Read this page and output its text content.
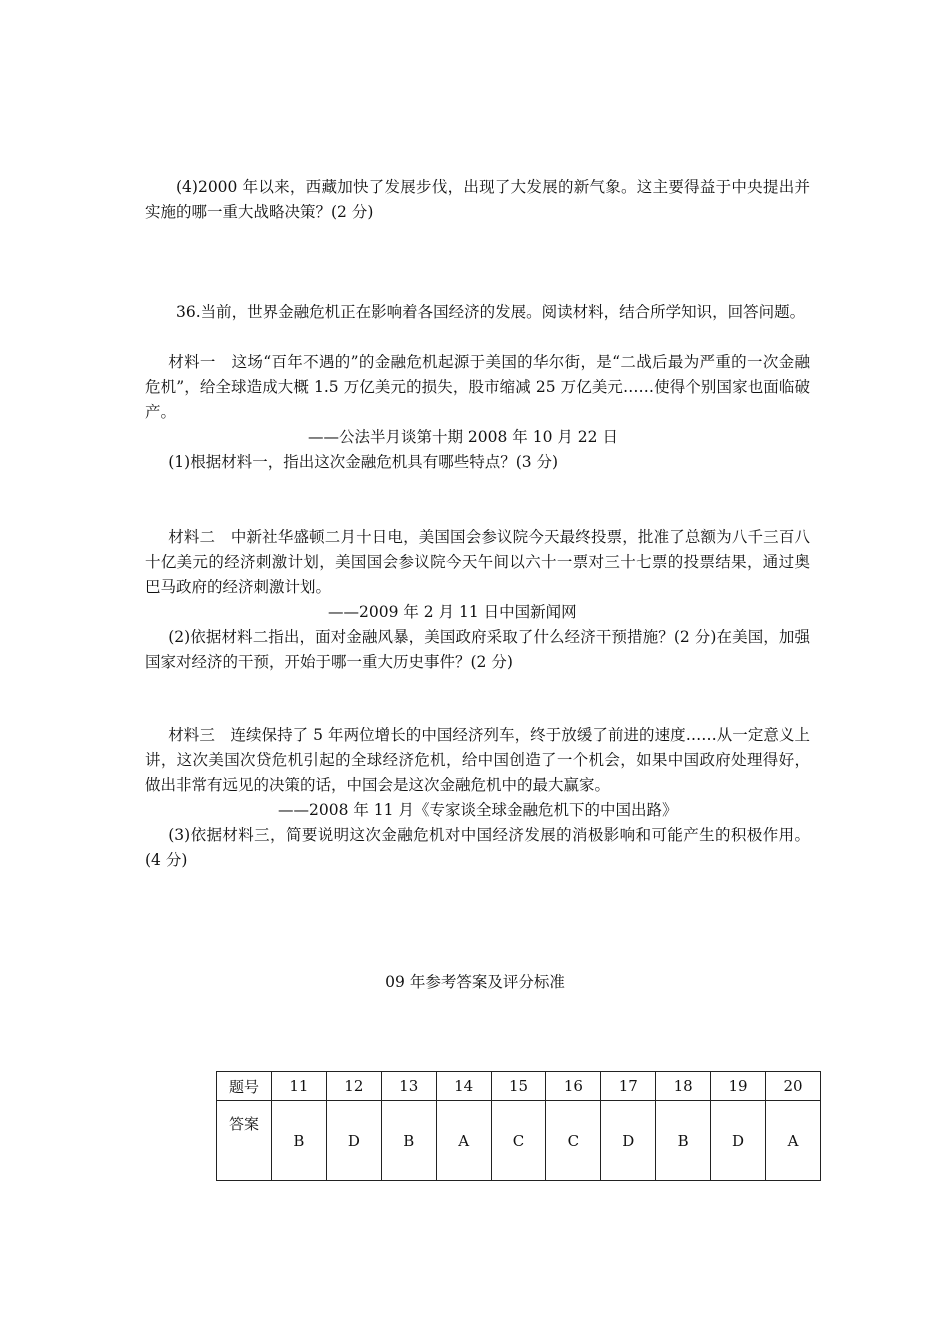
(4)2000 年以来，西藏加快了发展步伐，出现了大发展的新气象。这主要得益于中央提出并实施的哪一重大战略决策？(2 分)

36.当前，世界金融危机正在影响着各国经济的发展。阅读材料，结合所学知识，回答问题。

材料一　这场“百年不遇的”的金融危机起源于美国的华尔街，是“二战后最为严重的一次金融危机”，给全球造成大概 1.5 万亿美元的损失，股市缩减 25 万亿美元……使得个别国家也面临破产。

——公法半月谈第十期 2008 年 10 月 22 日

(1)根据材料一，指出这次金融危机具有哪些特点？(3 分)

材料二　中新社华盛顿二月十日电，美国国会参议院今天最终投票，批准了总额为八千三百八十亿美元的经济刺激计划，美国国会参议院今天午间以六十一票对三十七票的投票结果，通过奥巴马政府的经济刺激计划。

——2009 年 2 月 11 日中国新闻网

(2)依据材料二指出，面对金融风暴，美国政府采取了什么经济干预措施？(2 分)在美国，加强国家对经济的干预，开始于哪一重大历史事件？(2 分)

材料三　连续保持了 5 年两位增长的中国经济列车，终于放缓了前进的速度……从一定意义上讲，这次美国次贷危机引起的全球经济危机，给中国创造了一个机会，如果中国政府处理得好，做出非常有远见的决策的话，中国会是这次金融危机中的最大赢家。

——2008 年 11 月《专家谈全球金融危机下的中国出路》

(3)依据材料三，简要说明这次金融危机对中国经济发展的消极影响和可能产生的积极作用。(4 分)

09 年参考答案及评分标准

题号	11	12	13	14	15	16	17	18	19	20
答案	B	D	B	A	C	C	D	B	D	A
